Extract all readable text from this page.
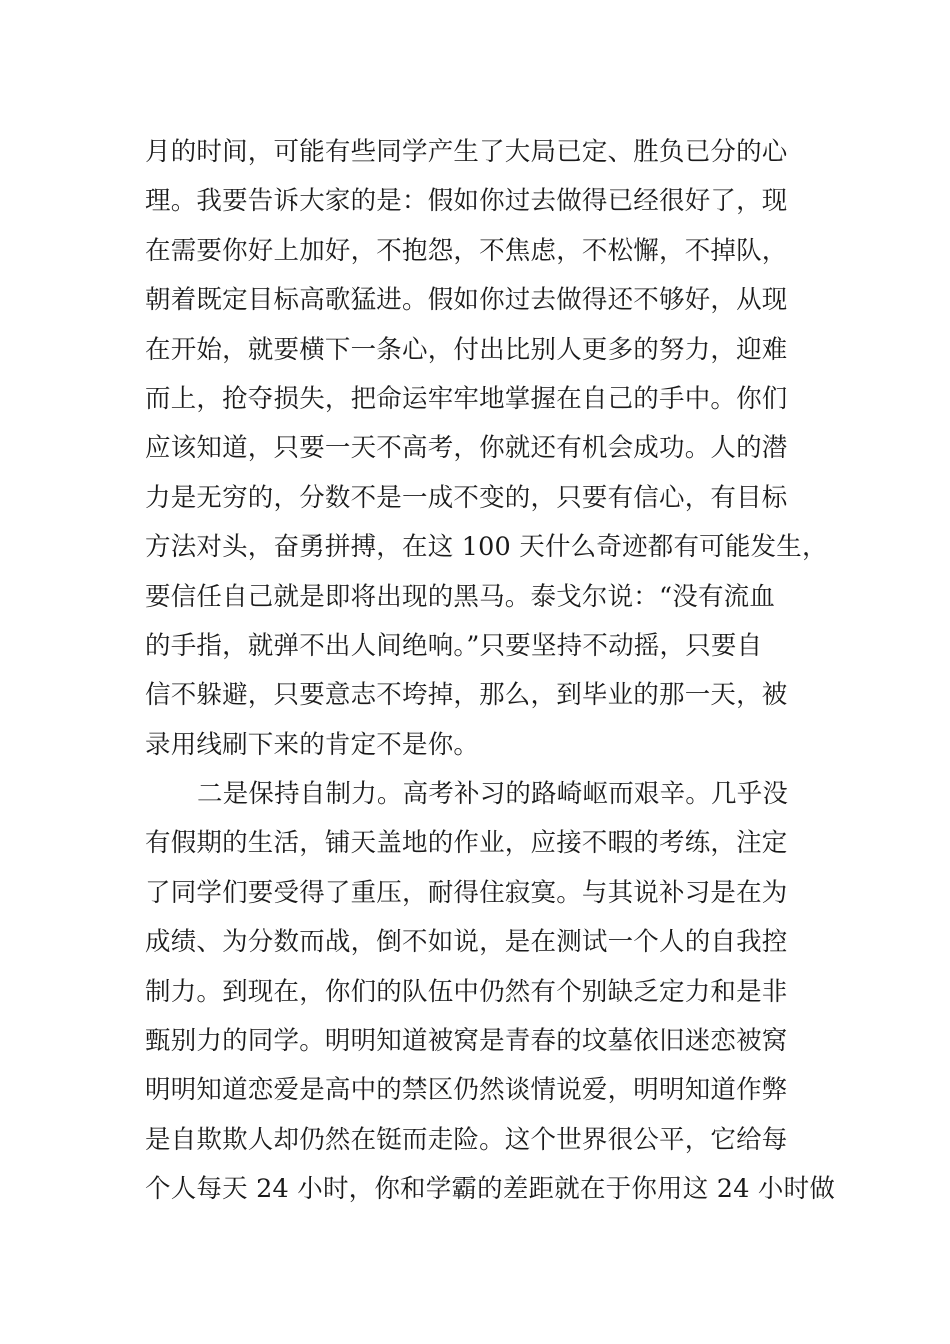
月的时间，可能有些同学产生了大局已定、胜负已分的心
理。我要告诉大家的是：假如你过去做得已经很好了，现
在需要你好上加好，不抱怨，不焦虑，不松懈，不掉队，
朝着既定目标高歌猛进。假如你过去做得还不够好，从现
在开始，就要横下一条心，付出比别人更多的努力，迎难
而上，抢夺损失，把命运牢牢地掌握在自己的手中。你们
应该知道，只要一天不高考，你就还有机会成功。人的潜
力是无穷的，分数不是一成不变的，只要有信心，有目标
方法对头，奋勇拼搏，在这 100 天什么奇迹都有可能发生，
要信任自己就是即将出现的黑马。泰戈尔说：“没有流血
的手指，就弹不出人间绝响。”只要坚持不动摇，只要自
信不躲避，只要意志不垮掉，那么，到毕业的那一天，被
录用线刷下来的肯定不是你。
二是保持自制力。高考补习的路崎岖而艰辛。几乎没
有假期的生活，铺天盖地的作业，应接不暇的考练，注定
了同学们要受得了重压，耐得住寂寞。与其说补习是在为
成绩、为分数而战，倒不如说，是在测试一个人的自我控
制力。到现在，你们的队伍中仍然有个别缺乏定力和是非
甄别力的同学。明明知道被窝是青春的坟墓依旧迷恋被窝
明明知道恋爱是高中的禁区仍然谈情说爱，明明知道作弊
是自欺欺人却仍然在铤而走险。这个世界很公平，它给每
个人每天 24 小时，你和学霸的差距就在于你用这 24 小时做
